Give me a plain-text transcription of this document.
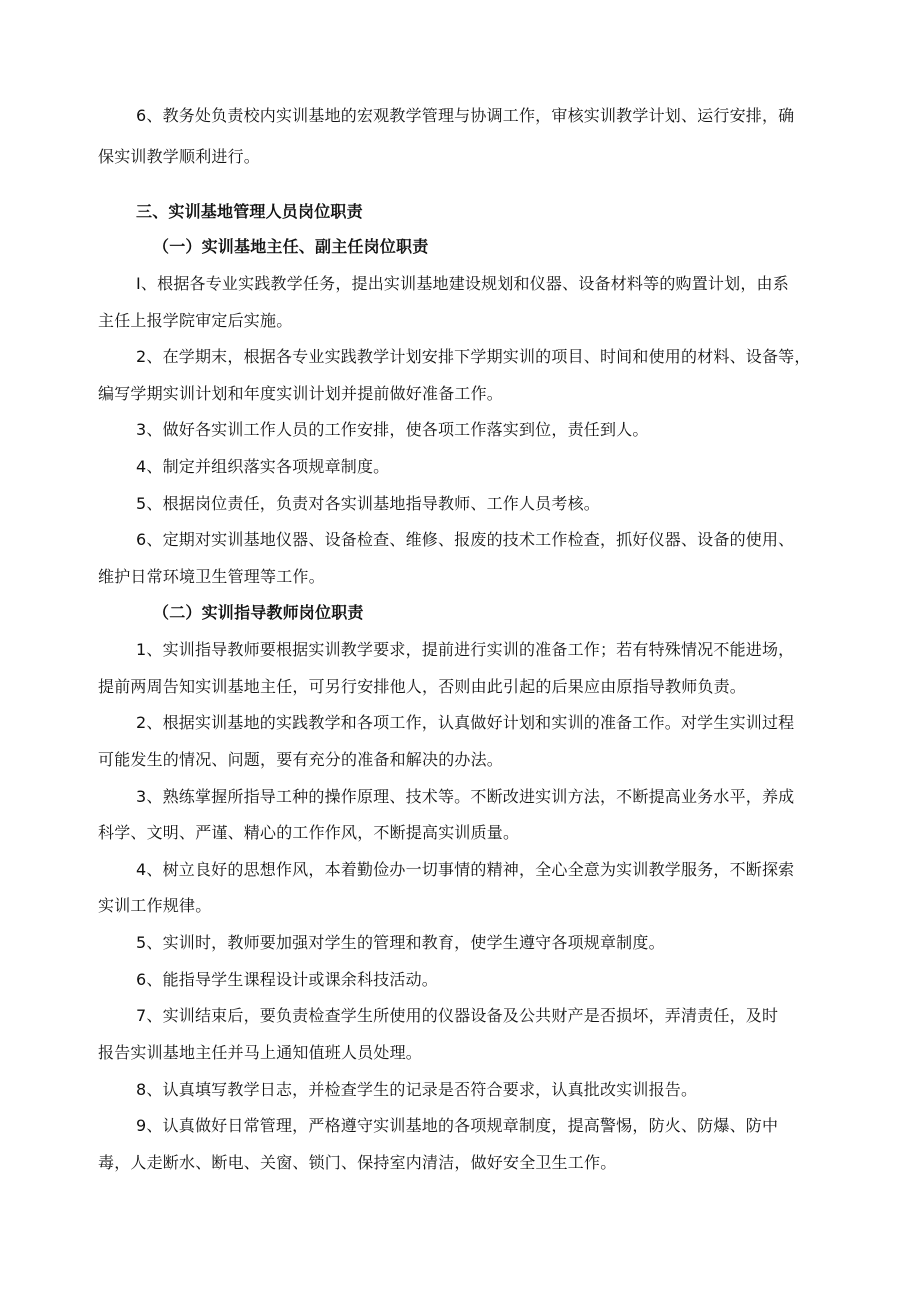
6、教务处负责校内实训基地的宏观教学管理与协调工作，审核实训教学计划、运行安排，确
保实训教学顺利进行。
三、实训基地管理人员岗位职责
（一）实训基地主任、副主任岗位职责
I、根据各专业实践教学任务，提出实训基地建设规划和仪器、设备材料等的购置计划，由系
主任上报学院审定后实施。
2、在学期末，根据各专业实践教学计划安排下学期实训的项目、时间和使用的材料、设备等，
编写学期实训计划和年度实训计划并提前做好准备工作。
3、做好各实训工作人员的工作安排，使各项工作落实到位，责任到人。
4、制定并组织落实各项规章制度。
5、根据岗位责任，负责对各实训基地指导教师、工作人员考核。
6、定期对实训基地仪器、设备检查、维修、报废的技术工作检查，抓好仪器、设备的使用、
维护日常环境卫生管理等工作。
（二）实训指导教师岗位职责
1、实训指导教师要根据实训教学要求，提前进行实训的准备工作；若有特殊情况不能进场，
提前两周告知实训基地主任，可另行安排他人，否则由此引起的后果应由原指导教师负责。
2、根据实训基地的实践教学和各项工作，认真做好计划和实训的准备工作。对学生实训过程
可能发生的情况、问题，要有充分的准备和解决的办法。
3、熟练掌握所指导工种的操作原理、技术等。不断改进实训方法，不断提高业务水平，养成
科学、文明、严谨、精心的工作作风，不断提高实训质量。
4、树立良好的思想作风，本着勤俭办一切事情的精神，全心全意为实训教学服务，不断探索
实训工作规律。
5、实训时，教师要加强对学生的管理和教育，使学生遵守各项规章制度。
6、能指导学生课程设计或课余科技活动。
7、实训结束后，要负责检查学生所使用的仪器设备及公共财产是否损坏，弄清责任，及时
报告实训基地主任并马上通知值班人员处理。
8、认真填写教学日志，并检查学生的记录是否符合要求，认真批改实训报告。
9、认真做好日常管理，严格遵守实训基地的各项规章制度，提高警惕，防火、防爆、防中
毒，人走断水、断电、关窗、锁门、保持室内清洁，做好安全卫生工作。
